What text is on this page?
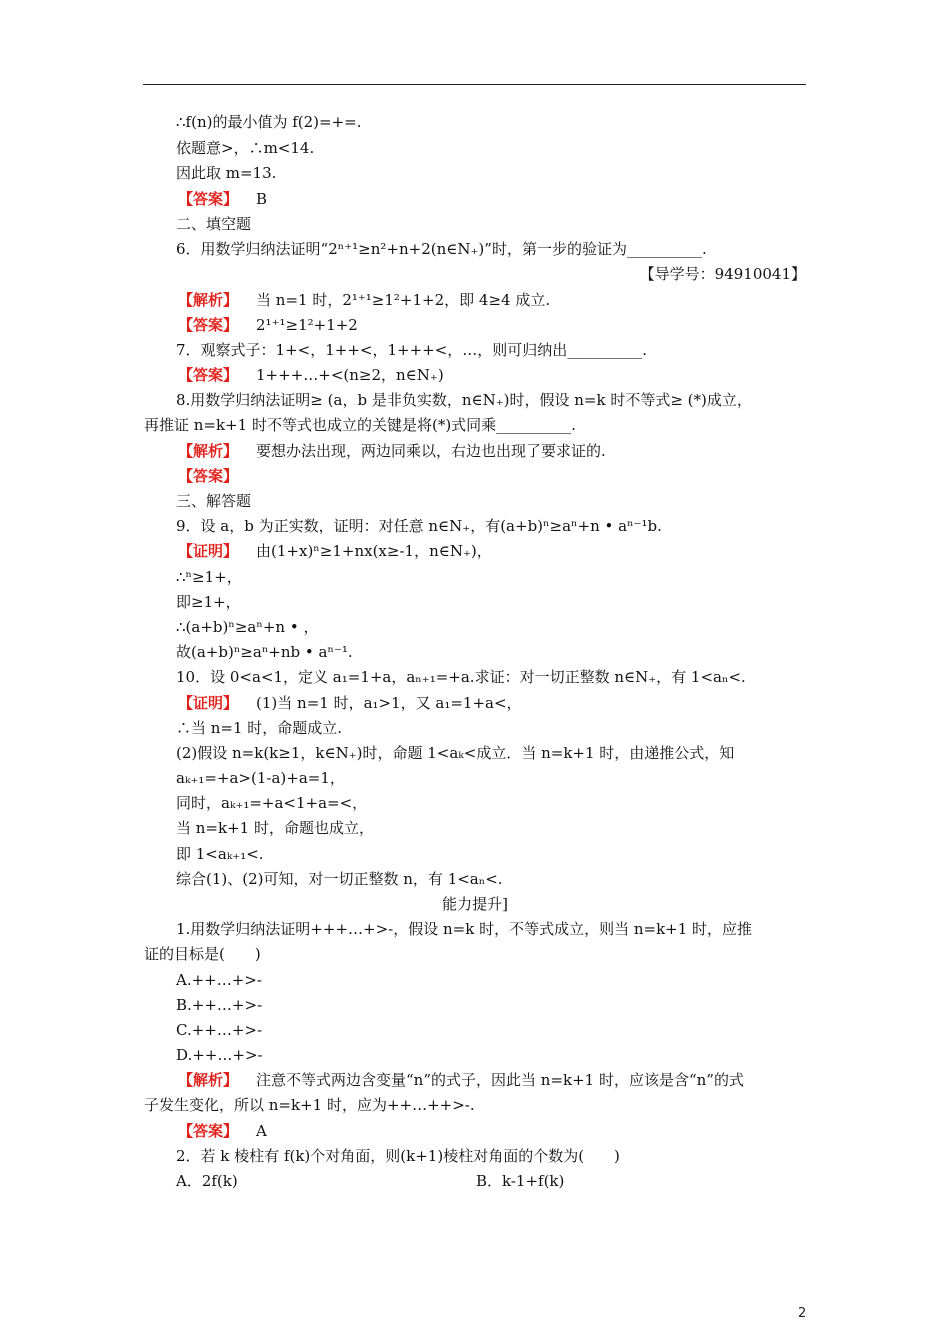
∴f(n)的最小值为 f(2)=+=.
依题意>，∴m<14.
因此取 m=13.
【答案】 B
二、填空题
6．用数学归纳法证明“2ⁿ⁺¹≥n²+n+2(n∈N₊)”时，第一步的验证为__________.
【导学号：94910041】
【解析】 当 n=1 时，2¹⁺¹≥1²+1+2，即 4≥4 成立.
【答案】 2¹⁺¹≥1²+1+2
7．观察式子：1+<，1++<，1+++<，…，则可归纳出__________.
【答案】 1+++…+<(n≥2，n∈N₊)
8.用数学归纳法证明≥ (a，b 是非负实数，n∈N₊)时，假设 n=k 时不等式≥ (*)成立，
再推证 n=k+1 时不等式也成立的关键是将(*)式同乘__________.
【解析】 要想办法出现，两边同乘以，右边也出现了要求证的.
【答案】
三、解答题
9．设 a，b 为正实数，证明：对任意 n∈N₊，有(a+b)ⁿ≥aⁿ+n • aⁿ⁻¹b.
【证明】 由(1+x)ⁿ≥1+nx(x≥-1，n∈N₊)，
∴ⁿ≥1+，
即≥1+，
∴(a+b)ⁿ≥aⁿ+n • ，
故(a+b)ⁿ≥aⁿ+nb • aⁿ⁻¹.
10．设 0<a<1，定义 a₁=1+a，aₙ₊₁=+a.求证：对一切正整数 n∈N₊，有 1<aₙ<.
【证明】 (1)当 n=1 时，a₁>1，又 a₁=1+a<，
∴当 n=1 时，命题成立.
(2)假设 n=k(k≥1，k∈N₊)时，命题 1<aₖ<成立．当 n=k+1 时，由递推公式，知
aₖ₊₁=+a>(1-a)+a=1，
同时，aₖ₊₁=+a<1+a=<，
当 n=k+1 时，命题也成立，
即 1<aₖ₊₁<.
综合(1)、(2)可知，对一切正整数 n，有 1<aₙ<.
能力提升]
1.用数学归纳法证明+++…+>-，假设 n=k 时，不等式成立，则当 n=k+1 时，应推
证的目标是(　　)
A.++…+>-
B.++…+>-
C.++…+>-
D.++…+>-
【解析】 注意不等式两边含变量“n”的式子，因此当 n=k+1 时，应该是含“n”的式
子发生变化，所以 n=k+1 时，应为++…++>-.
【答案】 A
2．若 k 棱柱有 f(k)个对角面，则(k+1)棱柱对角面的个数为(　　)
A．2f(k)	B．k-1+f(k)
2
